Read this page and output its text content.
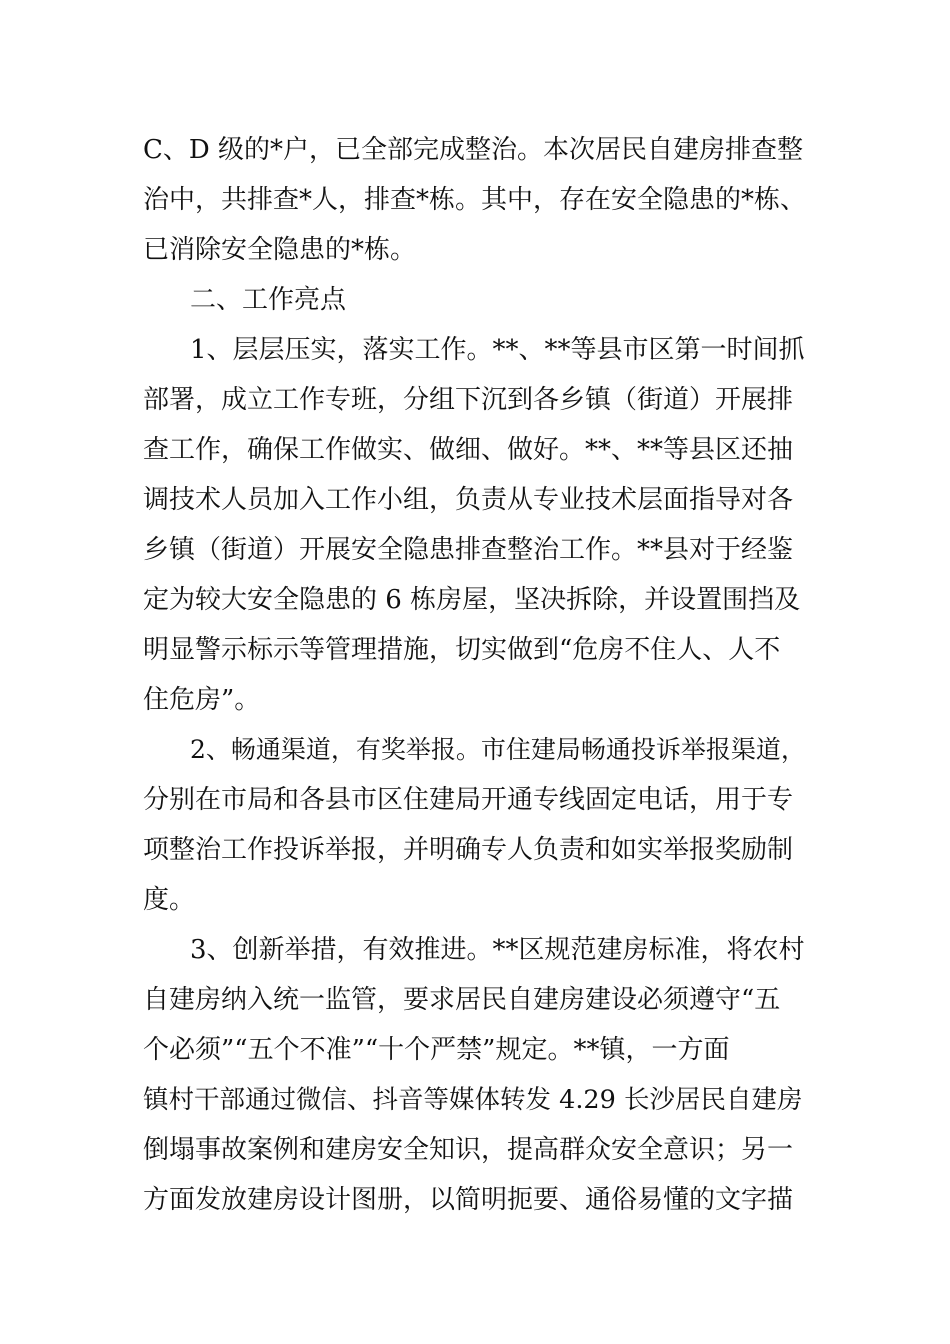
C、D 级的*户，已全部完成整治。本次居民自建房排查整

治中，共排查*人，排查*栋。其中，存在安全隐患的*栋、

已消除安全隐患的*栋。

二、工作亮点

1、层层压实，落实工作。**、**等县市区第一时间抓

部署，成立工作专班，分组下沉到各乡镇（街道）开展排

查工作，确保工作做实、做细、做好。**、**等县区还抽

调技术人员加入工作小组，负责从专业技术层面指导对各

乡镇（街道）开展安全隐患排查整治工作。**县对于经鉴

定为较大安全隐患的 6 栋房屋，坚决拆除，并设置围挡及

明显警示标示等管理措施，切实做到“危房不住人、人不

住危房”。

2、畅通渠道，有奖举报。市住建局畅通投诉举报渠道，

分别在市局和各县市区住建局开通专线固定电话，用于专

项整治工作投诉举报，并明确专人负责和如实举报奖励制

度。

3、创新举措，有效推进。**区规范建房标准，将农村

自建房纳入统一监管，要求居民自建房建设必须遵守“五

个必须”“五个不准”“十个严禁”规定。**镇，一方面

镇村干部通过微信、抖音等媒体转发 4.29 长沙居民自建房

倒塌事故案例和建房安全知识，提高群众安全意识；另一

方面发放建房设计图册，以简明扼要、通俗易懂的文字描
